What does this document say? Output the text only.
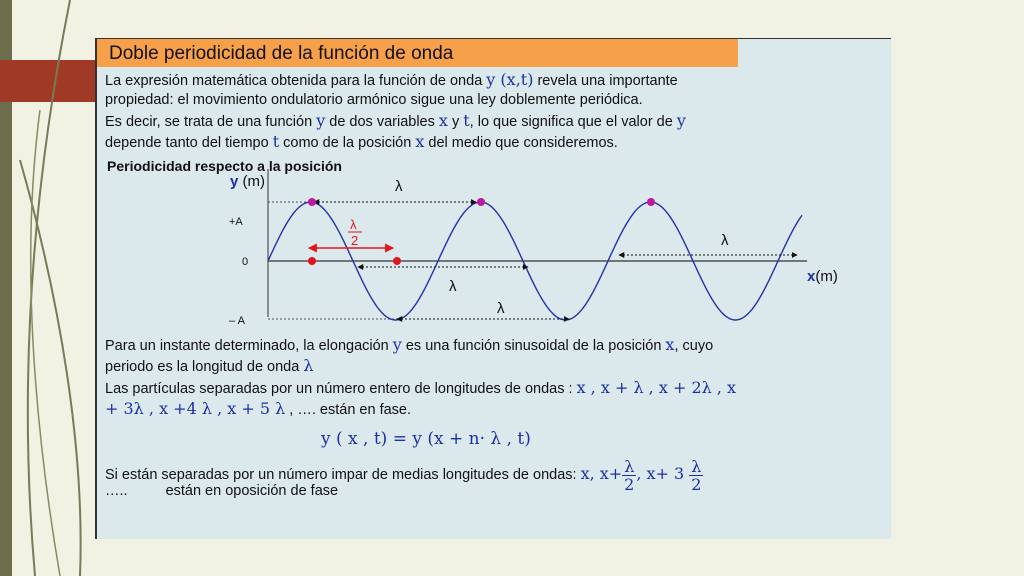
Doble periodicidad de la función de onda
La expresión matemática obtenida para la función de onda y (x,t) revela una importante
propiedad: el movimiento ondulatorio armónico sigue una ley doblemente periódica.
Es decir, se trata de una función y de dos variables x y t, lo que significa que el valor de y
depende tanto del tiempo t como de la posición x del medio que consideremos.
Periodicidad respecto a la posición
+A
0
– A
y (m)
x(m)
λ
λ
λ
λ
λ
2
Para un instante determinado, la elongación y es una función sinusoidal de la posición x, cuyo
periodo es la longitud de onda λ
Las partículas separadas por un número entero de longitudes de ondas : x , x + λ , x + 2λ , x
+ 3λ , x +4 λ , x + 5 λ , …. están en fase.
y ( x , t) = y (x + n· λ , t)
Si están separadas por un número impar de medias longitudes de ondas: x, $x+ \frac{\lambda}{2}$ , $x+ 3 \frac{\lambda}{2}$
…..	están en oposición de fase
